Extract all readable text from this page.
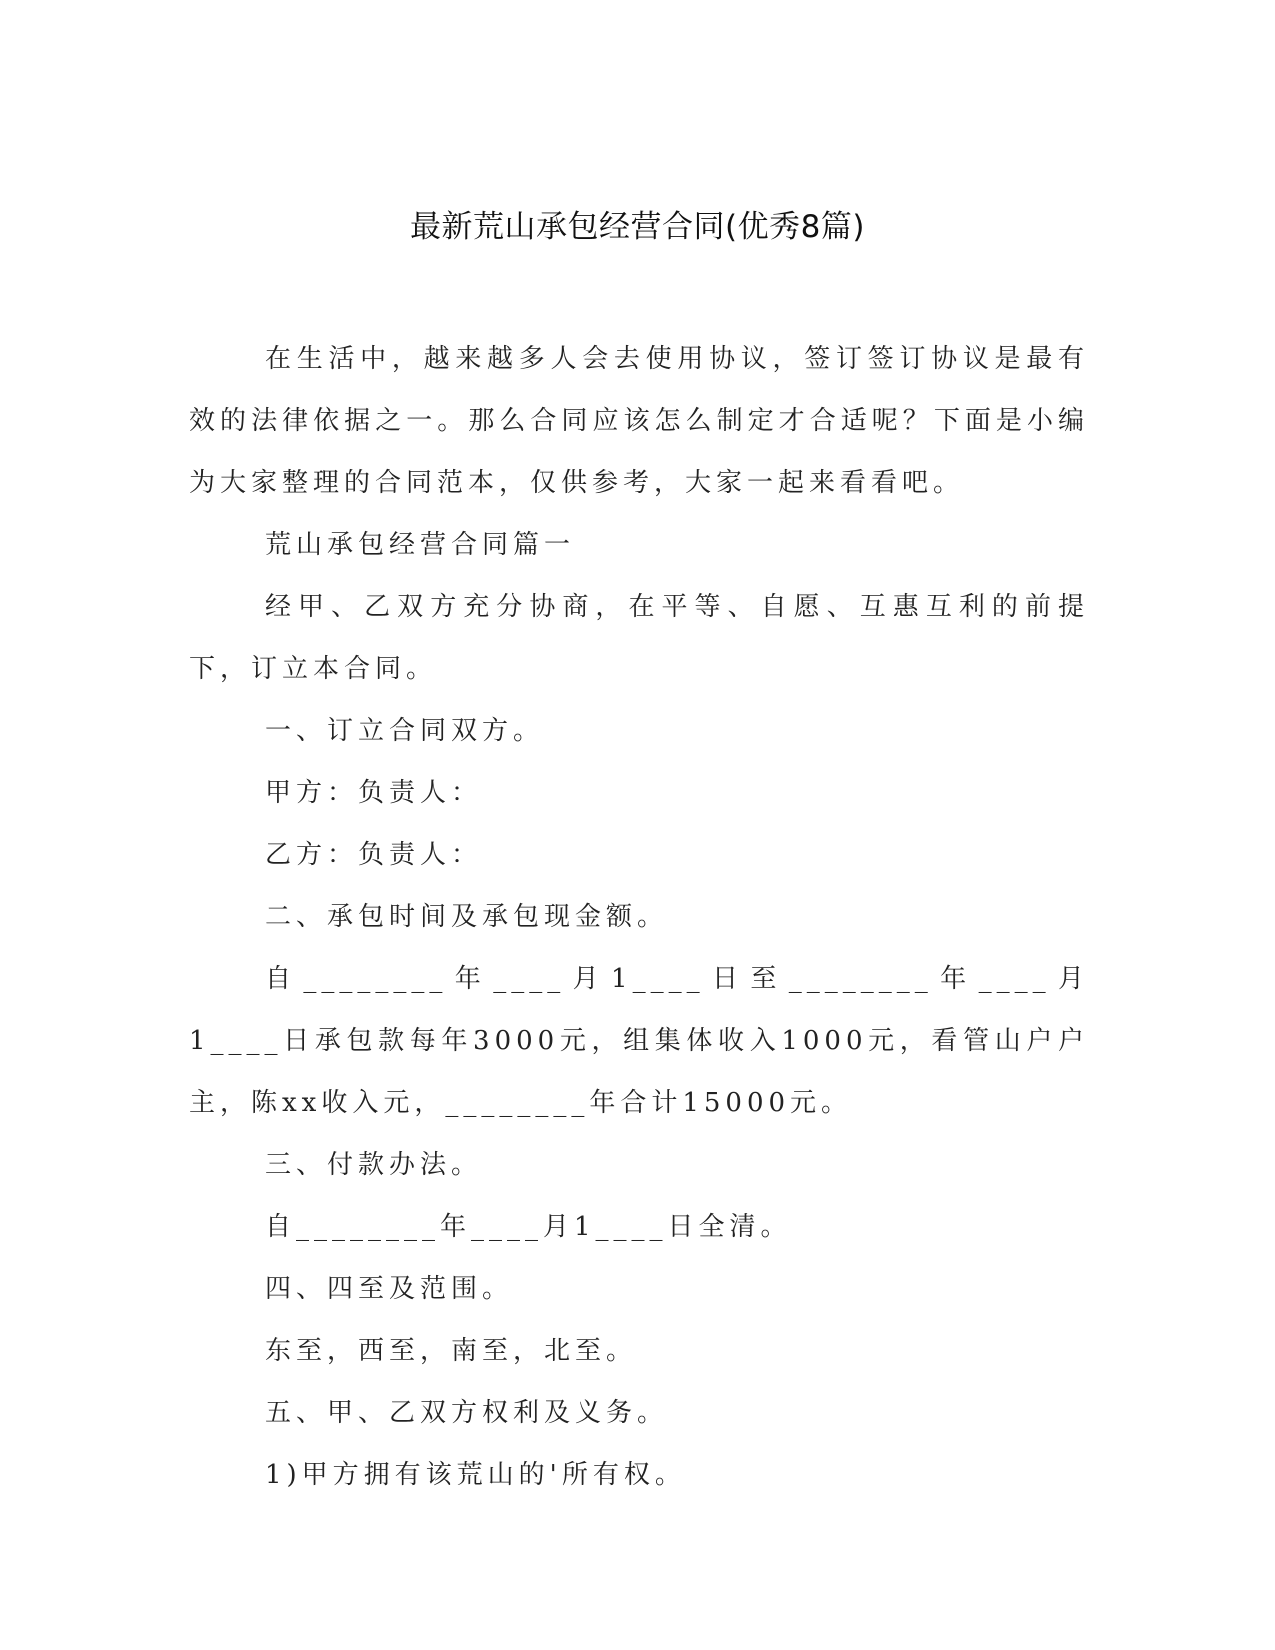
最新荒山承包经营合同(优秀8篇)

在生活中，越来越多人会去使用协议，签订签订协议是最有效的法律依据之一。那么合同应该怎么制定才合适呢？下面是小编为大家整理的合同范本，仅供参考，大家一起来看看吧。

荒山承包经营合同篇一

经甲、乙双方充分协商，在平等、自愿、互惠互利的前提下，订立本合同。

一、订立合同双方。

甲方：负责人：

乙方：负责人：

二、承包时间及承包现金额。

自________年____月1____日至________年____月1____日承包款每年3000元，组集体收入1000元，看管山户户主，陈xx收入元，________年合计15000元。

三、付款办法。

自________年____月1____日全清。

四、四至及范围。

东至，西至，南至，北至。

五、甲、乙双方权利及义务。

1)甲方拥有该荒山的'所有权。
